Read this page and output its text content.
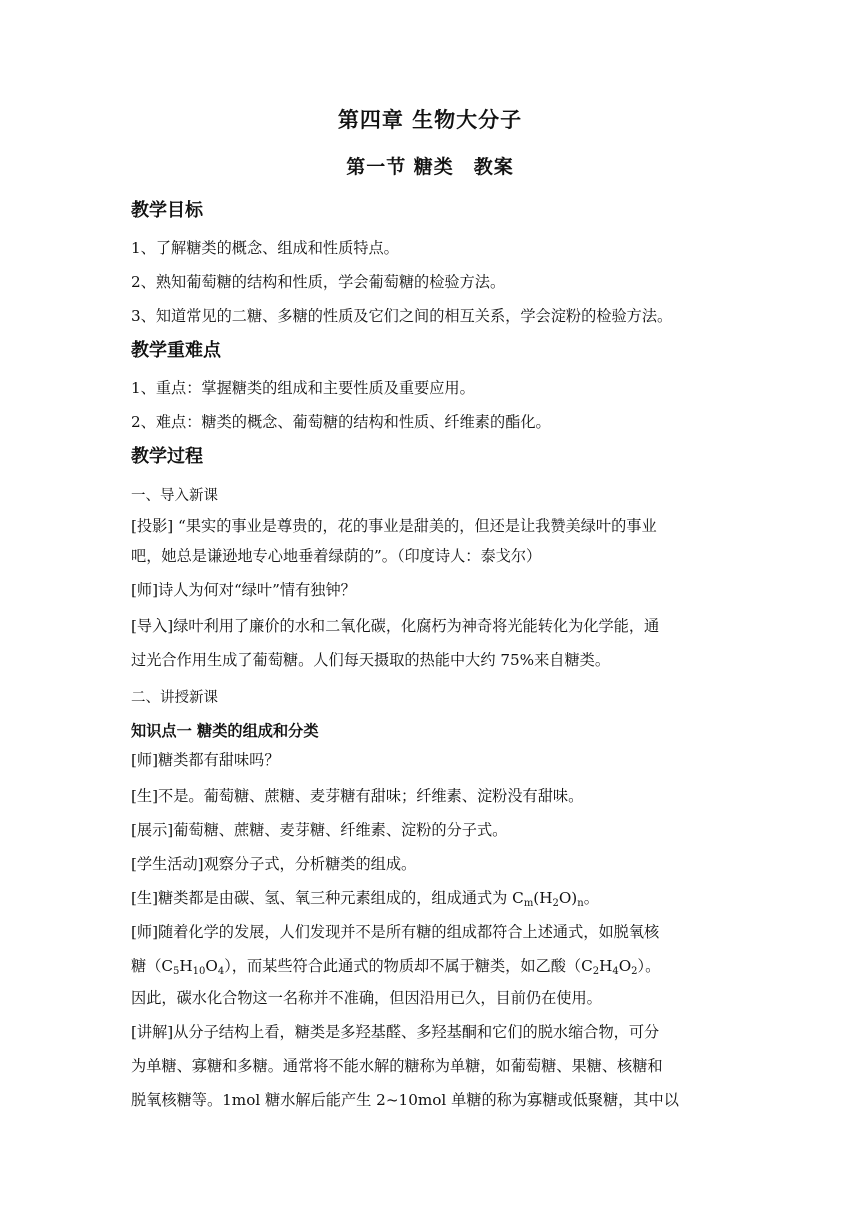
第四章 生物大分子
第一节 糖类　教案
教学目标
1、了解糖类的概念、组成和性质特点。
2、熟知葡萄糖的结构和性质，学会葡萄糖的检验方法。
3、知道常见的二糖、多糖的性质及它们之间的相互关系，学会淀粉的检验方法。
教学重难点
1、重点：掌握糖类的组成和主要性质及重要应用。
2、难点：糖类的概念、葡萄糖的结构和性质、纤维素的酯化。
教学过程
一、导入新课
[投影] “果实的事业是尊贵的，花的事业是甜美的，但还是让我赞美绿叶的事业
吧，她总是谦逊地专心地垂着绿荫的”。（印度诗人：泰戈尔）
[师]诗人为何对“绿叶”情有独钟？
[导入]绿叶利用了廉价的水和二氧化碳，化腐朽为神奇将光能转化为化学能，通
过光合作用生成了葡萄糖。人们每天摄取的热能中大约 75%来自糖类。
二、讲授新课
知识点一 糖类的组成和分类
[师]糖类都有甜味吗？
[生]不是。葡萄糖、蔗糖、麦芽糖有甜味；纤维素、淀粉没有甜味。
[展示]葡萄糖、蔗糖、麦芽糖、纤维素、淀粉的分子式。
[学生活动]观察分子式，分析糖类的组成。
[生]糖类都是由碳、氢、氧三种元素组成的，组成通式为 $C_m(H_2O)_n$。
[师]随着化学的发展，人们发现并不是所有糖的组成都符合上述通式，如脱氧核
糖$(C_5H_{10}O_4)$，而某些符合此通式的物质却不属于糖类，如乙酸$(C_2H_4O_2)$。
因此，碳水化合物这一名称并不准确，但因沿用已久，目前仍在使用。
[讲解]从分子结构上看，糖类是多羟基醛、多羟基酮和它们的脱水缩合物，可分
为单糖、寡糖和多糖。通常将不能水解的糖称为单糖，如葡萄糖、果糖、核糖和
脱氧核糖等。1mol 糖水解后能产生 2~10mol 单糖的称为寡糖或低聚糖，其中以
